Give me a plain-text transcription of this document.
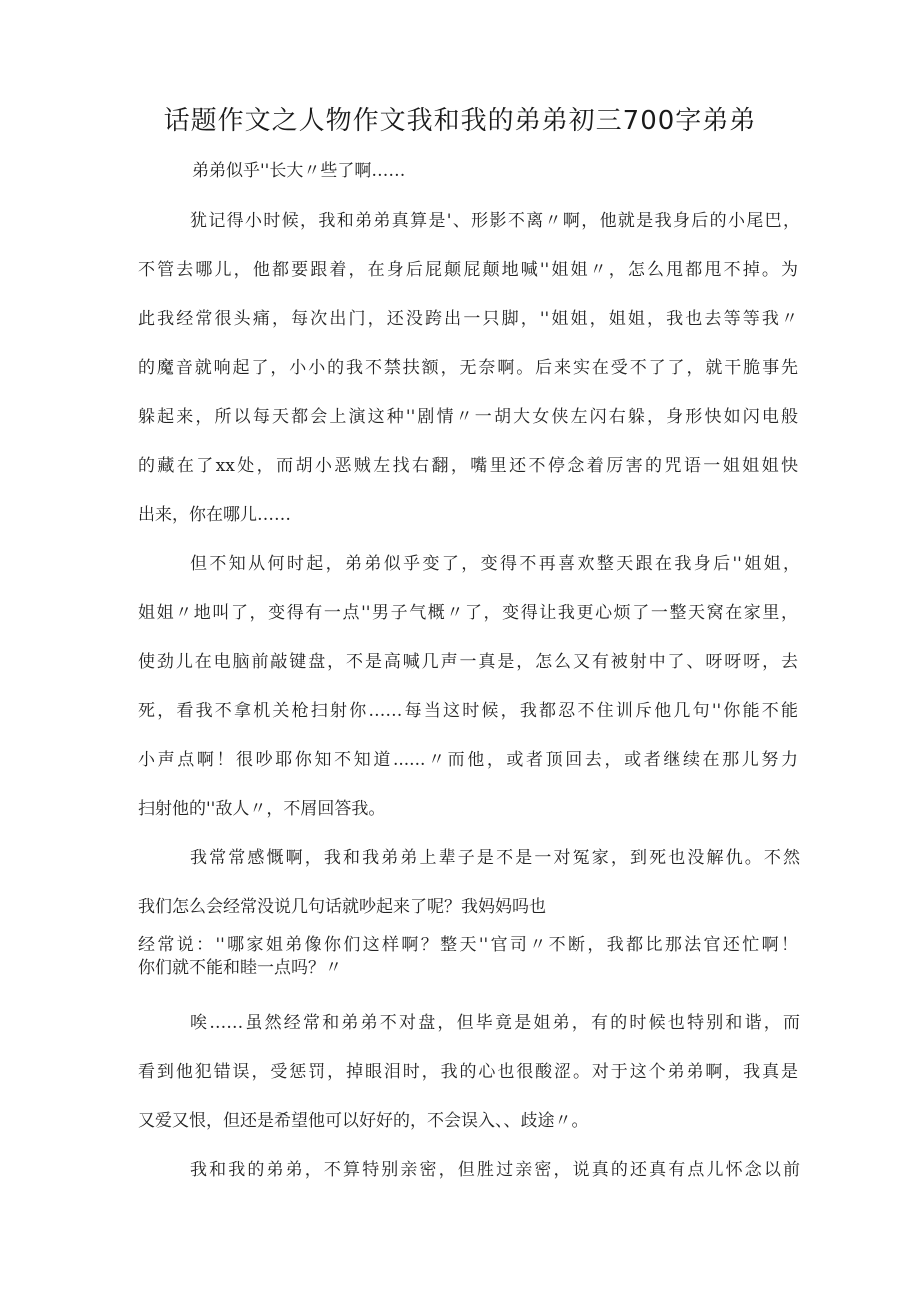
话题作文之人物作文我和我的弟弟初三700字弟弟
弟弟似乎''长大〃些了啊……
犹记得小时候，我和弟弟真算是'、形影不离〃啊，他就是我身后的小尾巴，
不管去哪儿，他都要跟着，在身后屁颠屁颠地喊''姐姐〃，怎么甩都甩不掉。为
此我经常很头痛，每次出门，还没跨出一只脚，''姐姐，姐姐，我也去等等我〃
的魔音就响起了，小小的我不禁扶额，无奈啊。后来实在受不了了，就干脆事先
躲起来，所以每天都会上演这种''剧情〃一胡大女侠左闪右躲，身形快如闪电般
的藏在了xx处，而胡小恶贼左找右翻，嘴里还不停念着厉害的咒语一姐姐姐快
出来，你在哪儿……
但不知从何时起，弟弟似乎变了，变得不再喜欢整天跟在我身后''姐姐，
姐姐〃地叫了，变得有一点''男子气概〃了，变得让我更心烦了一整天窝在家里，
使劲儿在电脑前敲键盘，不是高喊几声一真是，怎么又有被射中了、呀呀呀，去
死，看我不拿机关枪扫射你……每当这时候，我都忍不住训斥他几句''你能不能
小声点啊！很吵耶你知不知道......〃而他，或者顶回去，或者继续在那儿努力
扫射他的''敌人〃，不屑回答我。
我常常感慨啊，我和我弟弟上辈子是不是一对冤家，到死也没解仇。不然
我们怎么会经常没说几句话就吵起来了呢？我妈妈吗也
经常说：''哪家姐弟像你们这样啊？整天''官司〃不断，我都比那法官还忙啊！
你们就不能和睦一点吗？〃
唉……虽然经常和弟弟不对盘，但毕竟是姐弟，有的时候也特别和谐，而
看到他犯错误，受惩罚，掉眼泪时，我的心也很酸涩。对于这个弟弟啊，我真是
又爱又恨，但还是希望他可以好好的，不会误入、、歧途〃。
我和我的弟弟，不算特别亲密，但胜过亲密，说真的还真有点儿怀念以前
